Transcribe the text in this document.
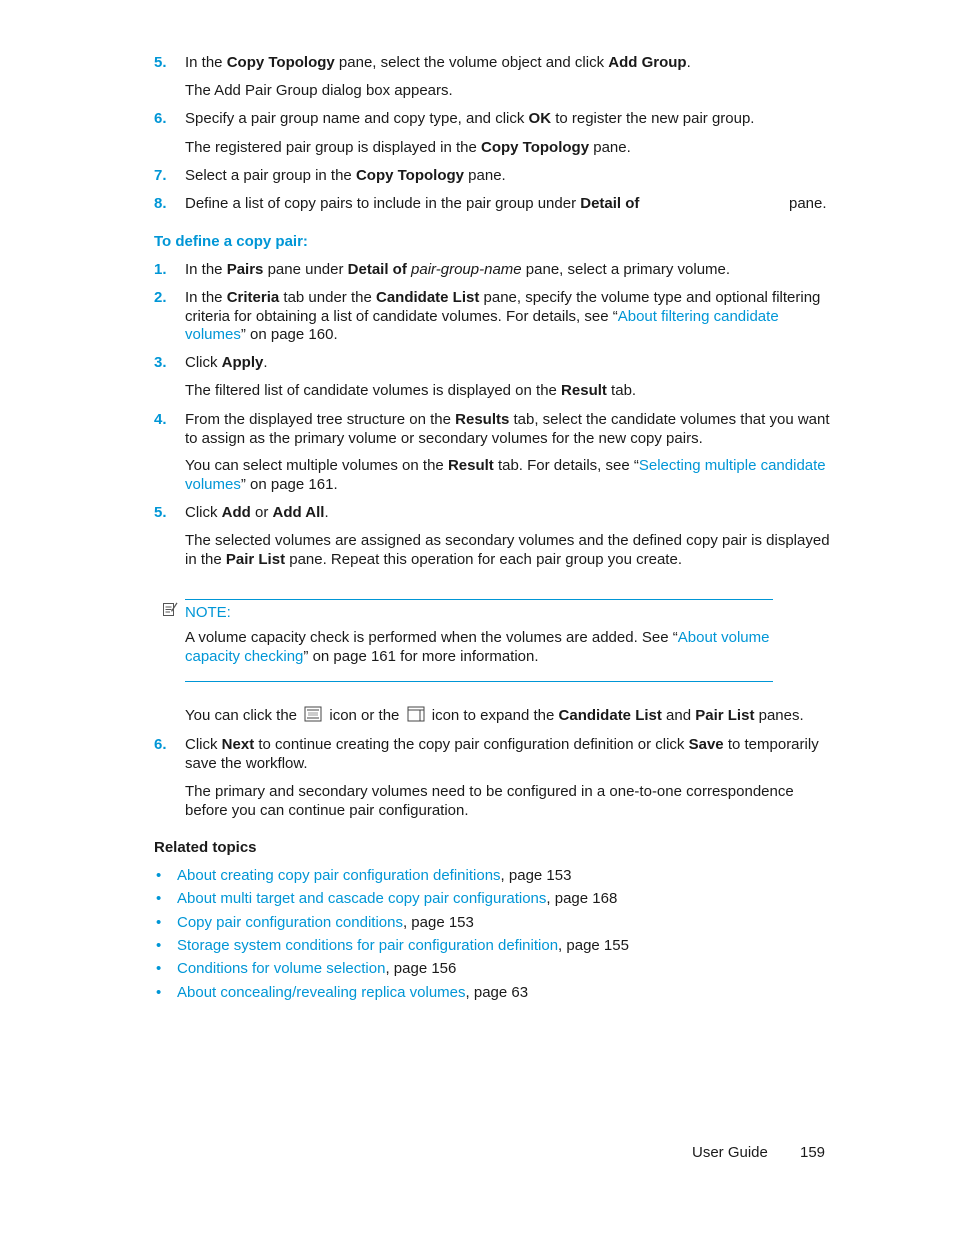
5. In the Copy Topology pane, select the volume object and click Add Group.
The Add Pair Group dialog box appears.
6. Specify a pair group name and copy type, and click OK to register the new pair group.
The registered pair group is displayed in the Copy Topology pane.
7. Select a pair group in the Copy Topology pane.
8. Define a list of copy pairs to include in the pair group under Detail of	pane.
To define a copy pair:
1. In the Pairs pane under Detail of pair-group-name pane, select a primary volume.
2. In the Criteria tab under the Candidate List pane, specify the volume type and optional filtering criteria for obtaining a list of candidate volumes. For details, see “About filtering candidate volumes” on page 160.
3. Click Apply.
The filtered list of candidate volumes is displayed on the Result tab.
4. From the displayed tree structure on the Results tab, select the candidate volumes that you want to assign as the primary volume or secondary volumes for the new copy pairs.
You can select multiple volumes on the Result tab. For details, see “Selecting multiple candidate volumes” on page 161.
5. Click Add or Add All.
The selected volumes are assigned as secondary volumes and the defined copy pair is displayed in the Pair List pane. Repeat this operation for each pair group you create.
NOTE:
A volume capacity check is performed when the volumes are added. See “About volume capacity checking” on page 161 for more information.
You can click the  icon or the  icon to expand the Candidate List and Pair List panes.
6. Click Next to continue creating the copy pair configuration definition or click Save to temporarily save the workflow.
The primary and secondary volumes need to be configured in a one-to-one correspondence before you can continue pair configuration.
Related topics
• About creating copy pair configuration definitions, page 153
• About multi target and cascade copy pair configurations, page 168
• Copy pair configuration conditions, page 153
• Storage system conditions for pair configuration definition, page 155
• Conditions for volume selection, page 156
• About concealing/revealing replica volumes, page 63
User Guide 159
